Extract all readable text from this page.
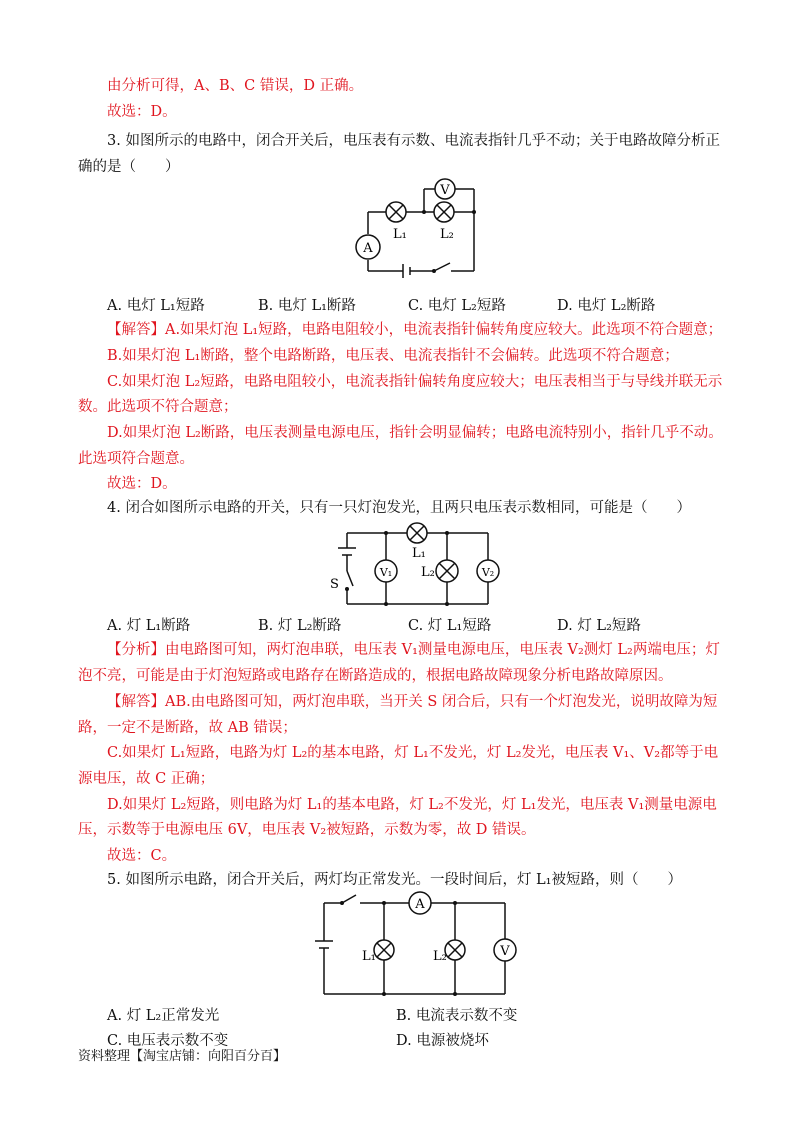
由分析可得，A、B、C 错误，D 正确。
故选：D。
3. 如图所示的电路中，闭合开关后，电压表有示数、电流表指针几乎不动；关于电路故障分析正
确的是（　　）
V
A
L₁	L₂
A. 电灯 L₁短路	B. 电灯 L₁断路	C. 电灯 L₂短路	D. 电灯 L₂断路
【解答】A.如果灯泡 L₁短路，电路电阻较小，电流表指针偏转角度应较大。此选项不符合题意；
B.如果灯泡 L₁断路，整个电路断路，电压表、电流表指针不会偏转。此选项不符合题意；
C.如果灯泡 L₂短路，电路电阻较小，电流表指针偏转角度应较大；电压表相当于与导线并联无示
数。此选项不符合题意；
D.如果灯泡 L₂断路，电压表测量电源电压，指针会明显偏转；电路电流特别小，指针几乎不动。
此选项符合题意。
故选：D。
4. 闭合如图所示电路的开关，只有一只灯泡发光，且两只电压表示数相同，可能是（　　）
S
L₁
L₂
V₁	V₂
A. 灯 L₁断路	B. 灯 L₂断路	C. 灯 L₁短路	D. 灯 L₂短路
【分析】由电路图可知，两灯泡串联，电压表 V₁测量电源电压，电压表 V₂测灯 L₂两端电压；灯
泡不亮，可能是由于灯泡短路或电路存在断路造成的，根据电路故障现象分析电路故障原因。
【解答】AB.由电路图可知，两灯泡串联，当开关 S 闭合后，只有一个灯泡发光，说明故障为短
路，一定不是断路，故 AB 错误；
C.如果灯 L₁短路，电路为灯 L₂的基本电路，灯 L₁不发光，灯 L₂发光，电压表 V₁、V₂都等于电
源电压，故 C 正确；
D.如果灯 L₂短路，则电路为灯 L₁的基本电路，灯 L₂不发光，灯 L₁发光，电压表 V₁测量电源电
压，示数等于电源电压 6V，电压表 V₂被短路，示数为零，故 D 错误。
故选：C。
5. 如图所示电路，闭合开关后，两灯均正常发光。一段时间后，灯 L₁被短路，则（　　）
A
V
L₁	L₂
A. 灯 L₂正常发光	B. 电流表示数不变
C. 电压表示数不变	D. 电源被烧坏
资料整理【淘宝店铺：向阳百分百】
